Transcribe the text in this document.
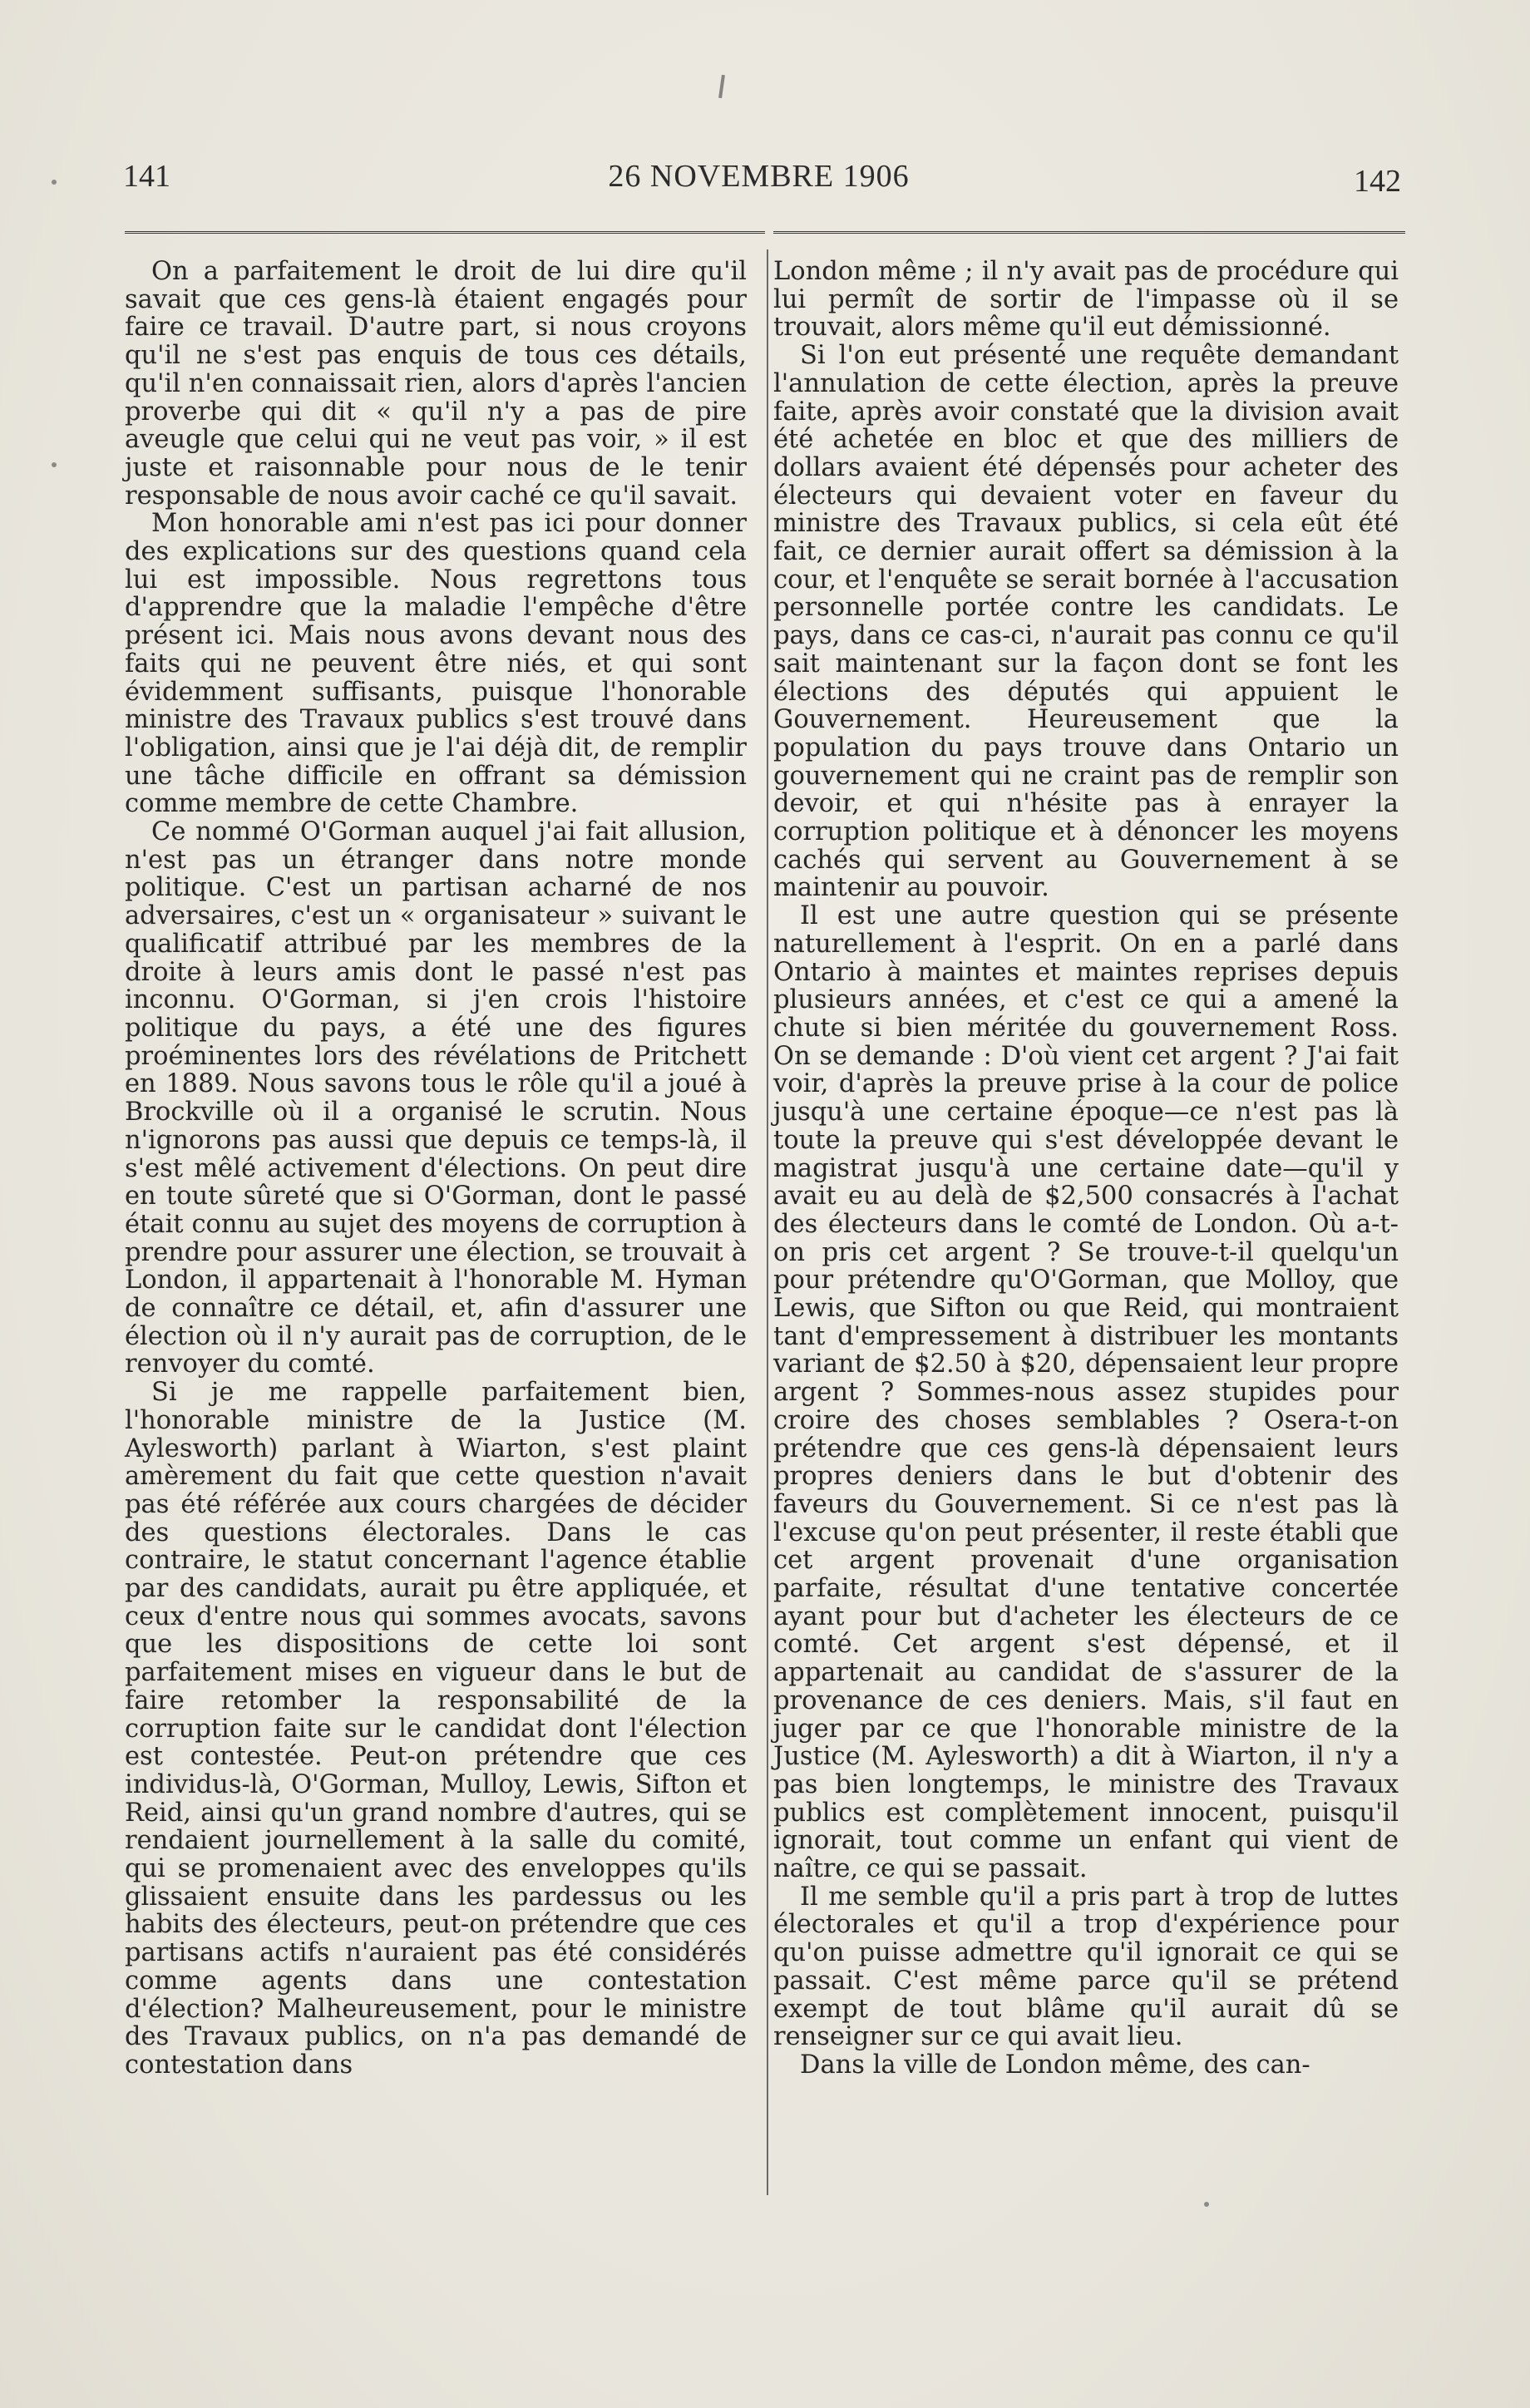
141	26 NOVEMBRE 1906	142

On a parfaitement le droit de lui dire qu'il savait que ces gens-là étaient engagés pour faire ce travail. D'autre part, si nous croyons qu'il ne s'est pas enquis de tous ces détails, qu'il n'en connaissait rien, alors d'après l'ancien proverbe qui dit « qu'il n'y a pas de pire aveugle que celui qui ne veut pas voir, » il est juste et raisonnable pour nous de le tenir responsable de nous avoir caché ce qu'il savait.

Mon honorable ami n'est pas ici pour donner des explications sur des questions quand cela lui est impossible. Nous regrettons tous d'apprendre que la maladie l'empêche d'être présent ici. Mais nous avons devant nous des faits qui ne peuvent être niés, et qui sont évidemment suffisants, puisque l'honorable ministre des Travaux publics s'est trouvé dans l'obligation, ainsi que je l'ai déjà dit, de remplir une tâche difficile en offrant sa démission comme membre de cette Chambre.

Ce nommé O'Gorman auquel j'ai fait allusion, n'est pas un étranger dans notre monde politique. C'est un partisan acharné de nos adversaires, c'est un « organisateur » suivant le qualificatif attribué par les membres de la droite à leurs amis dont le passé n'est pas inconnu. O'Gorman, si j'en crois l'histoire politique du pays, a été une des figures proéminentes lors des révélations de Pritchett en 1889. Nous savons tous le rôle qu'il a joué à Brockville où il a organisé le scrutin. Nous n'ignorons pas aussi que depuis ce temps-là, il s'est mêlé activement d'élections. On peut dire en toute sûreté que si O'Gorman, dont le passé était connu au sujet des moyens de corruption à prendre pour assurer une élection, se trouvait à London, il appartenait à l'honorable M. Hyman de connaître ce détail, et, afin d'assurer une élection où il n'y aurait pas de corruption, de le renvoyer du comté.

Si je me rappelle parfaitement bien, l'honorable ministre de la Justice (M. Aylesworth) parlant à Wiarton, s'est plaint amèrement du fait que cette question n'avait pas été référée aux cours chargées de décider des questions électorales. Dans le cas contraire, le statut concernant l'agence établie par des candidats, aurait pu être appliquée, et ceux d'entre nous qui sommes avocats, savons que les dispositions de cette loi sont parfaitement mises en vigueur dans le but de faire retomber la responsabilité de la corruption faite sur le candidat dont l'élection est contestée. Peut-on prétendre que ces individus-là, O'Gorman, Mulloy, Lewis, Sifton et Reid, ainsi qu'un grand nombre d'autres, qui se rendaient journellement à la salle du comité, qui se promenaient avec des enveloppes qu'ils glissaient ensuite dans les pardessus ou les habits des électeurs, peut-on prétendre que ces partisans actifs n'auraient pas été considérés comme agents dans une contestation d'élection? Malheureusement, pour le ministre des Travaux publics, on n'a pas demandé de contestation dans

London même ; il n'y avait pas de procédure qui lui permît de sortir de l'impasse où il se trouvait, alors même qu'il eut démissionné.

Si l'on eut présenté une requête demandant l'annulation de cette élection, après la preuve faite, après avoir constaté que la division avait été achetée en bloc et que des milliers de dollars avaient été dépensés pour acheter des électeurs qui devaient voter en faveur du ministre des Travaux publics, si cela eût été fait, ce dernier aurait offert sa démission à la cour, et l'enquête se serait bornée à l'accusation personnelle portée contre les candidats. Le pays, dans ce cas-ci, n'aurait pas connu ce qu'il sait maintenant sur la façon dont se font les élections des députés qui appuient le Gouvernement. Heureusement que la population du pays trouve dans Ontario un gouvernement qui ne craint pas de remplir son devoir, et qui n'hésite pas à enrayer la corruption politique et à dénoncer les moyens cachés qui servent au Gouvernement à se maintenir au pouvoir.

Il est une autre question qui se présente naturellement à l'esprit. On en a parlé dans Ontario à maintes et maintes reprises depuis plusieurs années, et c'est ce qui a amené la chute si bien méritée du gouvernement Ross. On se demande : D'où vient cet argent ? J'ai fait voir, d'après la preuve prise à la cour de police jusqu'à une certaine époque—ce n'est pas là toute la preuve qui s'est développée devant le magistrat jusqu'à une certaine date—qu'il y avait eu au delà de $2,500 consacrés à l'achat des électeurs dans le comté de London. Où a-t-on pris cet argent ? Se trouve-t-il quelqu'un pour prétendre qu'O'Gorman, que Molloy, que Lewis, que Sifton ou que Reid, qui montraient tant d'empressement à distribuer les montants variant de $2.50 à $20, dépensaient leur propre argent ? Sommes-nous assez stupides pour croire des choses semblables ? Osera-t-on prétendre que ces gens-là dépensaient leurs propres deniers dans le but d'obtenir des faveurs du Gouvernement. Si ce n'est pas là l'excuse qu'on peut présenter, il reste établi que cet argent provenait d'une organisation parfaite, résultat d'une tentative concertée ayant pour but d'acheter les électeurs de ce comté. Cet argent s'est dépensé, et il appartenait au candidat de s'assurer de la provenance de ces deniers. Mais, s'il faut en juger par ce que l'honorable ministre de la Justice (M. Aylesworth) a dit à Wiarton, il n'y a pas bien longtemps, le ministre des Travaux publics est complètement innocent, puisqu'il ignorait, tout comme un enfant qui vient de naître, ce qui se passait.

Il me semble qu'il a pris part à trop de luttes électorales et qu'il a trop d'expérience pour qu'on puisse admettre qu'il ignorait ce qui se passait. C'est même parce qu'il se prétend exempt de tout blâme qu'il aurait dû se renseigner sur ce qui avait lieu.

Dans la ville de London même, des can-
